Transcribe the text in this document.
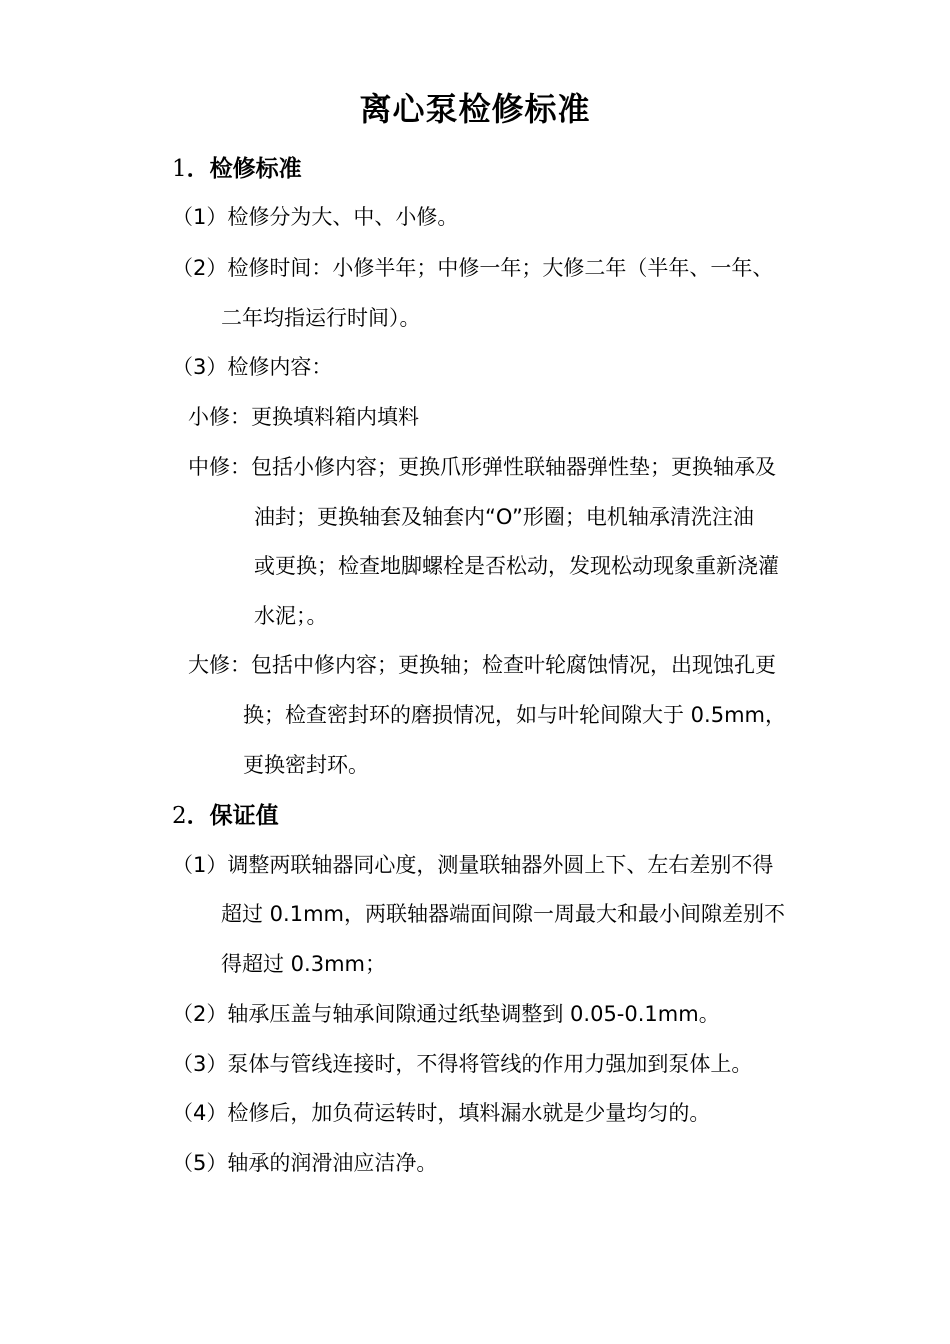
离心泵检修标准
1．检修标准
（1）检修分为大、中、小修。
（2）检修时间：小修半年；中修一年；大修二年（半年、一年、
二年均指运行时间）。
（3）检修内容：
小修：更换填料箱内填料
中修：包括小修内容；更换爪形弹性联轴器弹性垫；更换轴承及
油封；更换轴套及轴套内“O”形圈；电机轴承清洗注油
或更换；检查地脚螺栓是否松动，发现松动现象重新浇灌
水泥；。
大修：包括中修内容；更换轴；检查叶轮腐蚀情况，出现蚀孔更
换；检查密封环的磨损情况，如与叶轮间隙大于 0.5mm，
更换密封环。
2．保证值
（1）调整两联轴器同心度，测量联轴器外圆上下、左右差别不得
超过 0.1mm，两联轴器端面间隙一周最大和最小间隙差别不
得超过 0.3mm；
（2）轴承压盖与轴承间隙通过纸垫调整到 0.05-0.1mm。
（3）泵体与管线连接时，不得将管线的作用力强加到泵体上。
（4）检修后，加负荷运转时，填料漏水就是少量均匀的。
（5）轴承的润滑油应洁净。
